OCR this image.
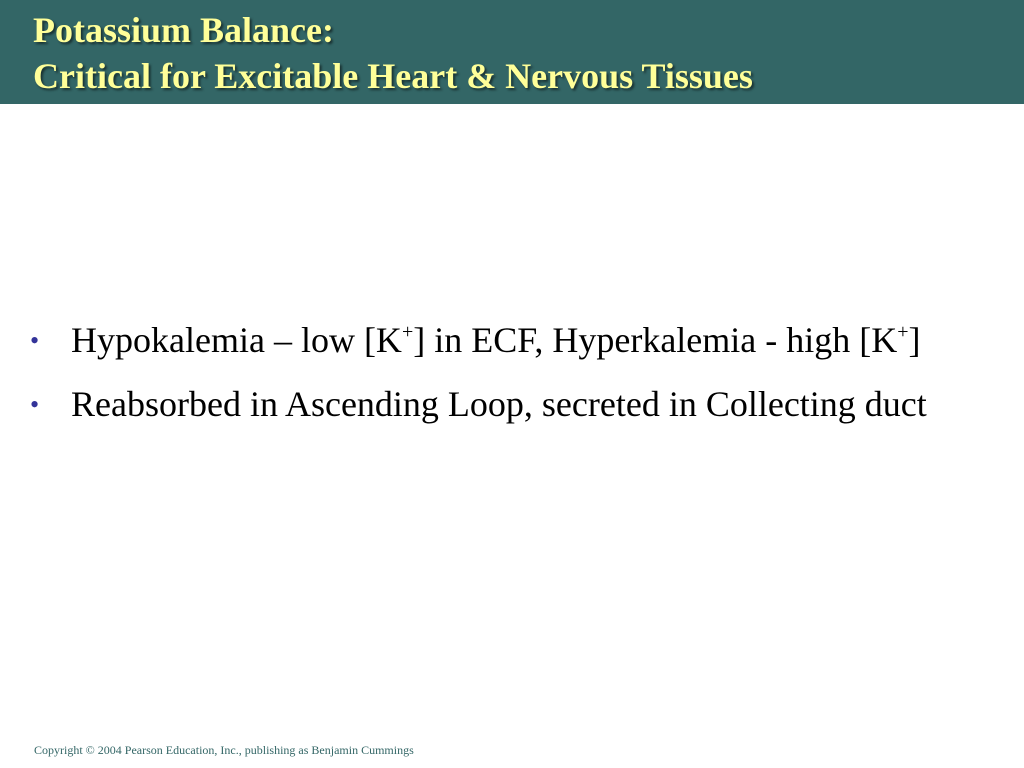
Potassium Balance:
Critical for Excitable Heart & Nervous Tissues
• Hypokalemia – low [K+] in ECF, Hyperkalemia - high [K+]
• Reabsorbed in Ascending Loop, secreted in Collecting duct
Copyright © 2004 Pearson Education, Inc., publishing as Benjamin Cummings
